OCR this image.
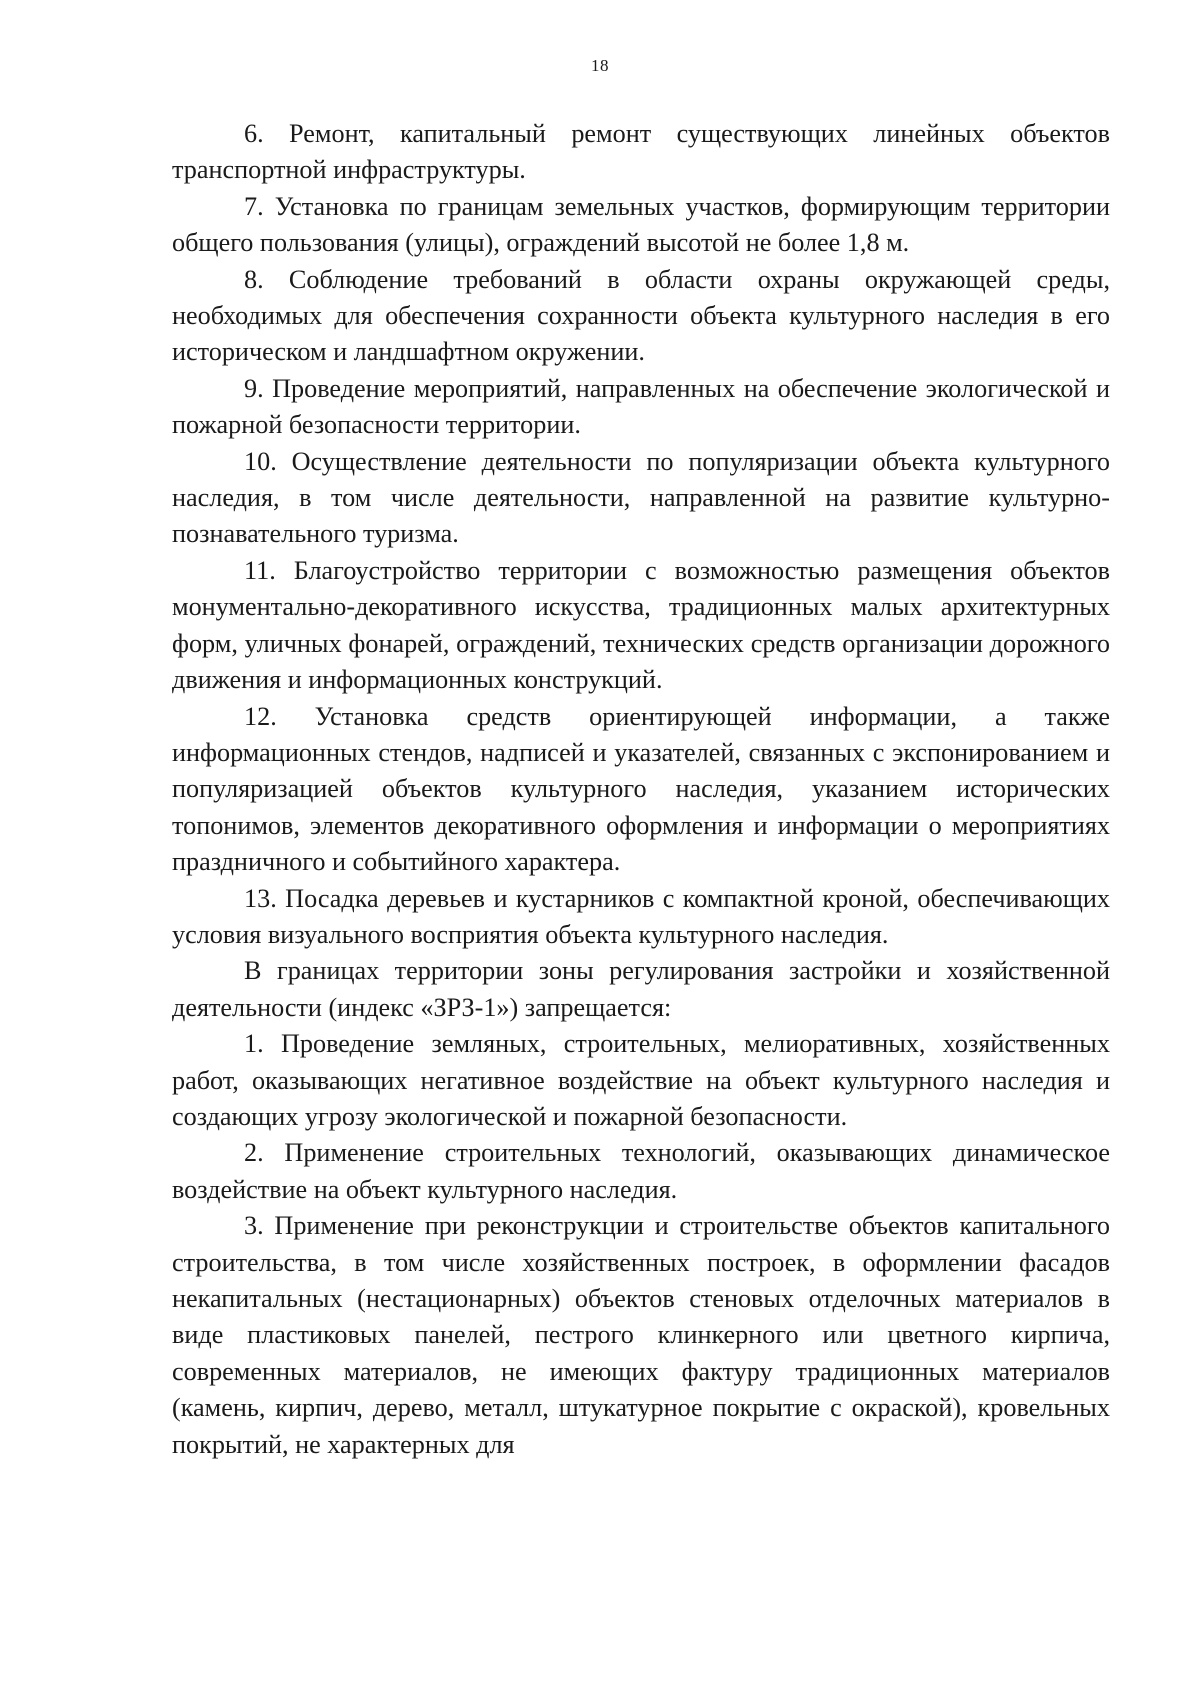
18

6. Ремонт, капитальный ремонт существующих линейных объектов транспортной инфраструктуры.

7. Установка по границам земельных участков, формирующим территории общего пользования (улицы), ограждений высотой не более 1,8 м.

8. Соблюдение требований в области охраны окружающей среды, необходимых для обеспечения сохранности объекта культурного наследия в его историческом и ландшафтном окружении.

9. Проведение мероприятий, направленных на обеспечение экологической и пожарной безопасности территории.

10. Осуществление деятельности по популяризации объекта культурного наследия, в том числе деятельности, направленной на развитие культурно-познавательного туризма.

11. Благоустройство территории с возможностью размещения объектов монументально-декоративного искусства, традиционных малых архитектурных форм, уличных фонарей, ограждений, технических средств организации дорожного движения и информационных конструкций.

12. Установка средств ориентирующей информации, а также информационных стендов, надписей и указателей, связанных с экспонированием и популяризацией объектов культурного наследия, указанием исторических топонимов, элементов декоративного оформления и информации о мероприятиях праздничного и событийного характера.

13. Посадка деревьев и кустарников с компактной кроной, обеспечивающих условия визуального восприятия объекта культурного наследия.

В границах территории зоны регулирования застройки и хозяйственной деятельности (индекс «ЗРЗ-1») запрещается:

1. Проведение земляных, строительных, мелиоративных, хозяйственных работ, оказывающих негативное воздействие на объект культурного наследия и создающих угрозу экологической и пожарной безопасности.

2. Применение строительных технологий, оказывающих динамическое воздействие на объект культурного наследия.

3. Применение при реконструкции и строительстве объектов капитального строительства, в том числе хозяйственных построек, в оформлении фасадов некапитальных (нестационарных) объектов стеновых отделочных материалов в виде пластиковых панелей, пестрого клинкерного или цветного кирпича, современных материалов, не имеющих фактуру традиционных материалов (камень, кирпич, дерево, металл, штукатурное покрытие с окраской), кровельных покрытий, не характерных для
